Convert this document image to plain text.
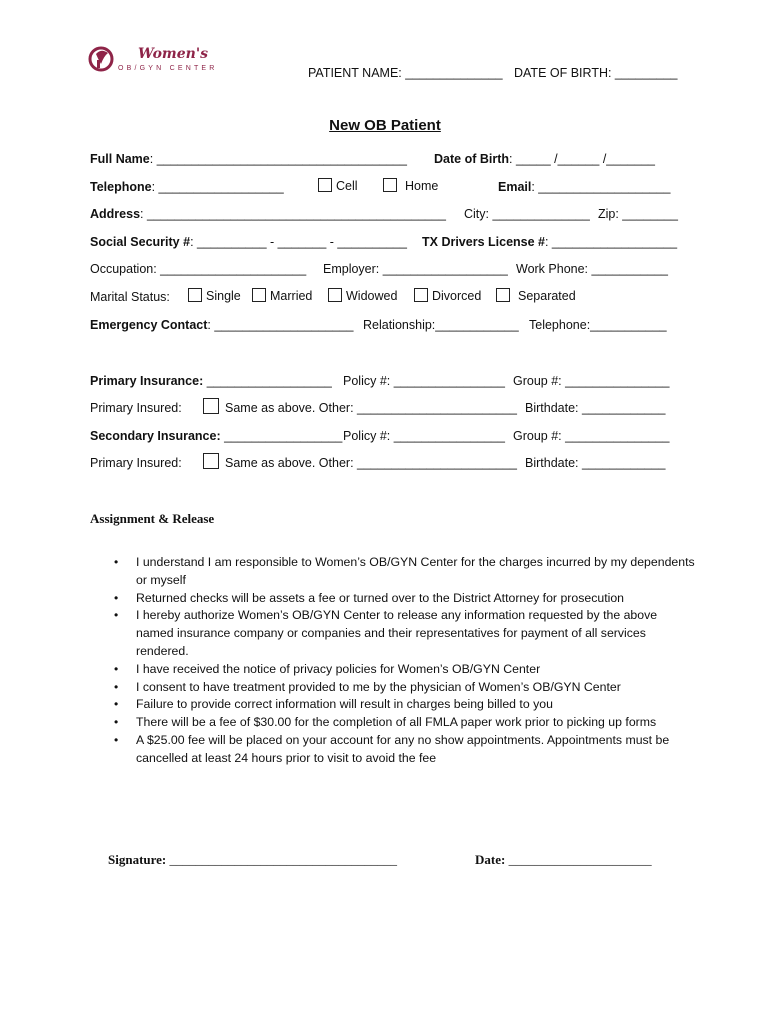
Women's
OB/GYN CENTER	PATIENT NAME: ______________ DATE OF BIRTH: _________
New OB Patient
Full Name: ____________________________________ Date of Birth: _____ /______ /_______
Telephone: __________________	Cell	Home	Email: ___________________
Address: ___________________________________________ City: ______________ Zip: ________
Social Security #: __________ - _______ - __________ TX Drivers License #: __________________
Occupation: _____________________ Employer: __________________ Work Phone: ___________
Marital Status:	Single	Married	Widowed	Divorced	Separated
Emergency Contact: ____________________ Relationship:____________ Telephone:___________
Primary Insurance: __________________ Policy #: ________________ Group #: _______________
Primary Insured:	Same as above. Other: _______________________ Birthdate: ____________
Secondary Insurance: _________________ Policy #: ________________ Group #: _______________
Primary Insured:	Same as above. Other: _______________________ Birthdate: ____________
Assignment & Release
• I understand I am responsible to Women’s OB/GYN Center for the charges incurred by my dependents or myself
• Returned checks will be assets a fee or turned over to the District Attorney for prosecution
• I hereby authorize Women’s OB/GYN Center to release any information requested by the above named insurance company or companies and their representatives for payment of all services rendered.
• I have received the notice of privacy policies for Women’s OB/GYN Center
• I consent to have treatment provided to me by the physician of Women’s OB/GYN Center
• Failure to provide correct information will result in charges being billed to you
• There will be a fee of $30.00 for the completion of all FMLA paper work prior to picking up forms
• A $25.00 fee will be placed on your account for any no show appointments. Appointments must be cancelled at least 24 hours prior to visit to avoid the fee
Signature: ___________________________________	Date: ______________________
